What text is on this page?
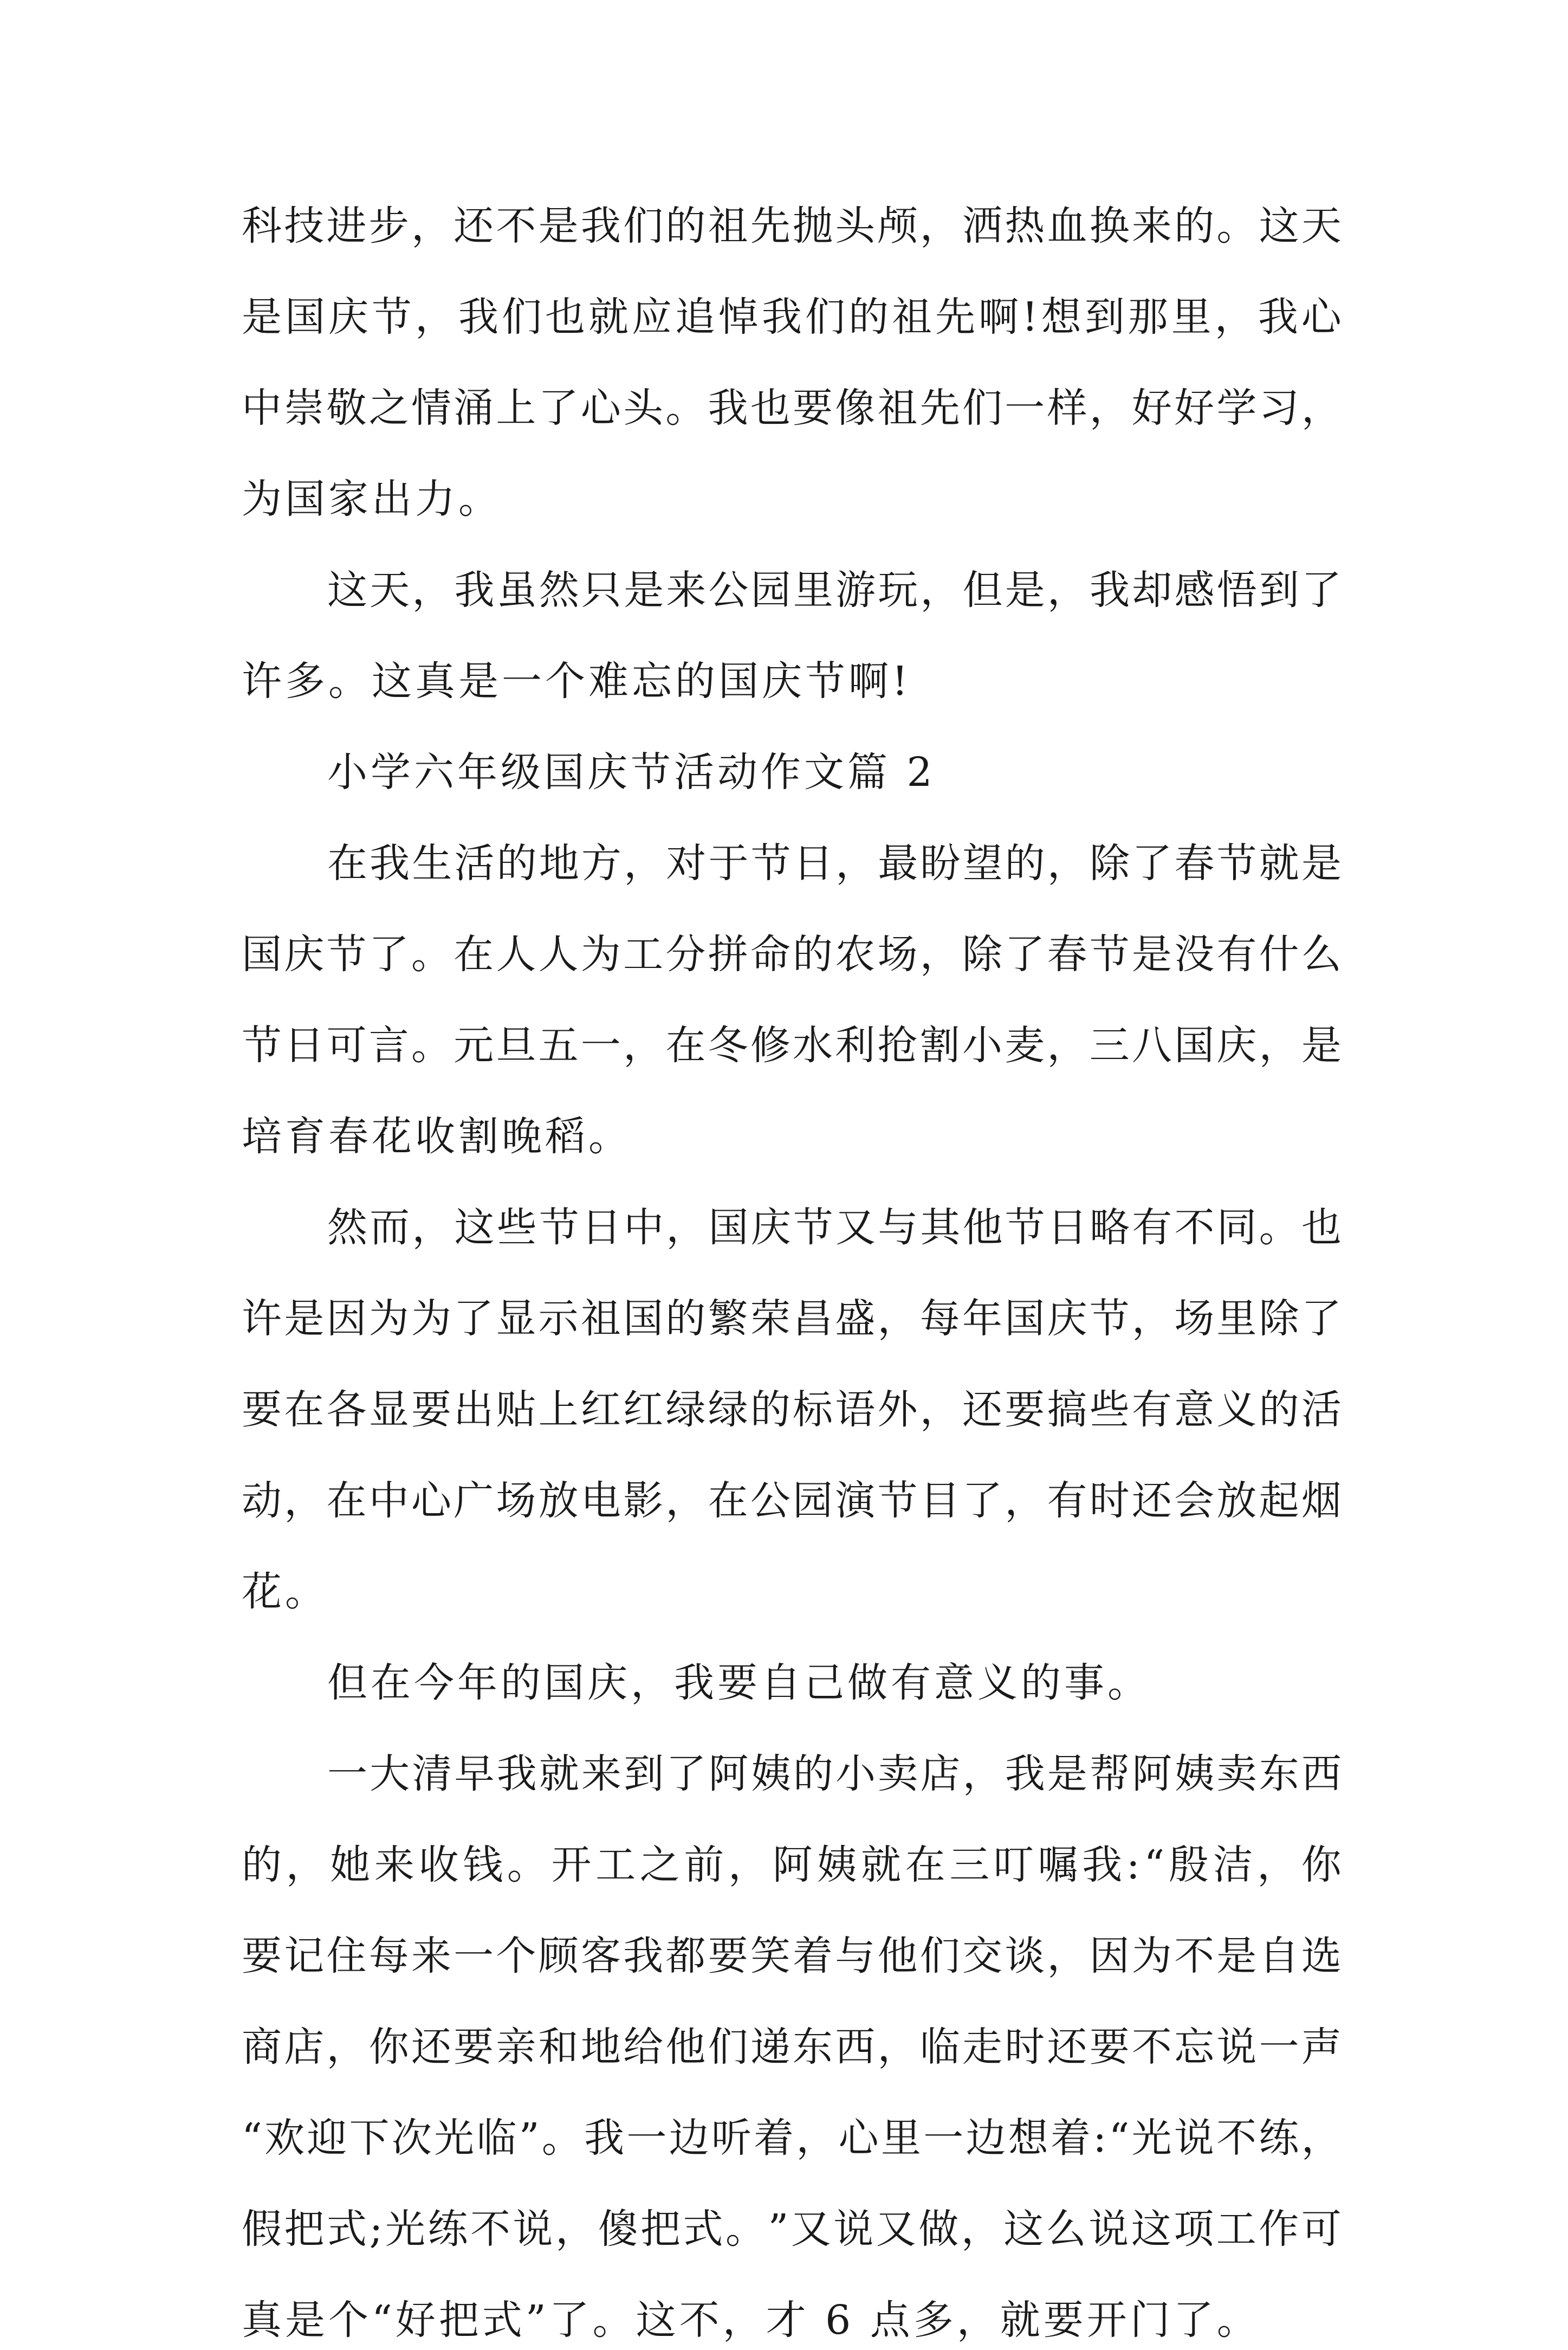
科 技 进 步 ， 还 不 是 我 们 的 祖 先 抛 头 颅 ， 洒 热 血 换 来 的 。 这 天
是 国 庆 节 ， 我 们 也 就 应 追 悼 我 们 的 祖 先 啊 ! 想 到 那 里 ， 我 心
中 崇 敬 之 情 涌 上 了 心 头 。 我 也 要 像 祖 先 们 一 样 ， 好 好 学 习 ，
为国家出力。
这 天 ， 我 虽 然 只 是 来 公 园 里 游 玩 ， 但 是 ， 我 却 感 悟 到 了
许多。这真是一个难忘的国庆节啊!
小学六年级国庆节活动作文篇 2
在 我 生 活 的 地 方 ， 对 于 节 日 ， 最 盼 望 的 ， 除 了 春 节 就 是
国 庆 节 了 。 在 人 人 为 工 分 拼 命 的 农 场 ， 除 了 春 节 是 没 有 什 么
节 日 可 言 。 元 旦 五 一 ， 在 冬 修 水 利 抢 割 小 麦 ， 三 八 国 庆 ， 是
培育春花收割晚稻。
然 而 ， 这 些 节 日 中 ， 国 庆 节 又 与 其 他 节 日 略 有 不 同 。 也
许 是 因 为 为 了 显 示 祖 国 的 繁 荣 昌 盛 ， 每 年 国 庆 节 ， 场 里 除 了
要 在 各 显 要 出 贴 上 红 红 绿 绿 的 标 语 外 ， 还 要 搞 些 有 意 义 的 活
动 ， 在 中 心 广 场 放 电 影 ， 在 公 园 演 节 目 了 ， 有 时 还 会 放 起 烟
花。
但在今年的国庆，我要自己做有意义的事。
一 大 清 早 我 就 来 到 了 阿 姨 的 小 卖 店 ， 我 是 帮 阿 姨 卖 东 西
的 ， 她 来 收 钱 。 开 工 之 前 ， 阿 姨 就 在 三 叮 嘱 我 : “ 殷 洁 ， 你
要 记 住 每 来 一 个 顾 客 我 都 要 笑 着 与 他 们 交 谈 ， 因 为 不 是 自 选
商 店 ， 你 还 要 亲 和 地 给 他 们 递 东 西 ， 临 走 时 还 要 不 忘 说 一 声
“ 欢 迎 下 次 光 临 ” 。 我 一 边 听 着 ， 心 里 一 边 想 着 : “ 光 说 不 练 ，
假 把 式 ; 光 练 不 说 ， 傻 把 式 。 ” 又 说 又 做 ， 这 么 说 这 项 工 作 可
真是个“好把式”了。这不，才 6 点多，就要开门了。
